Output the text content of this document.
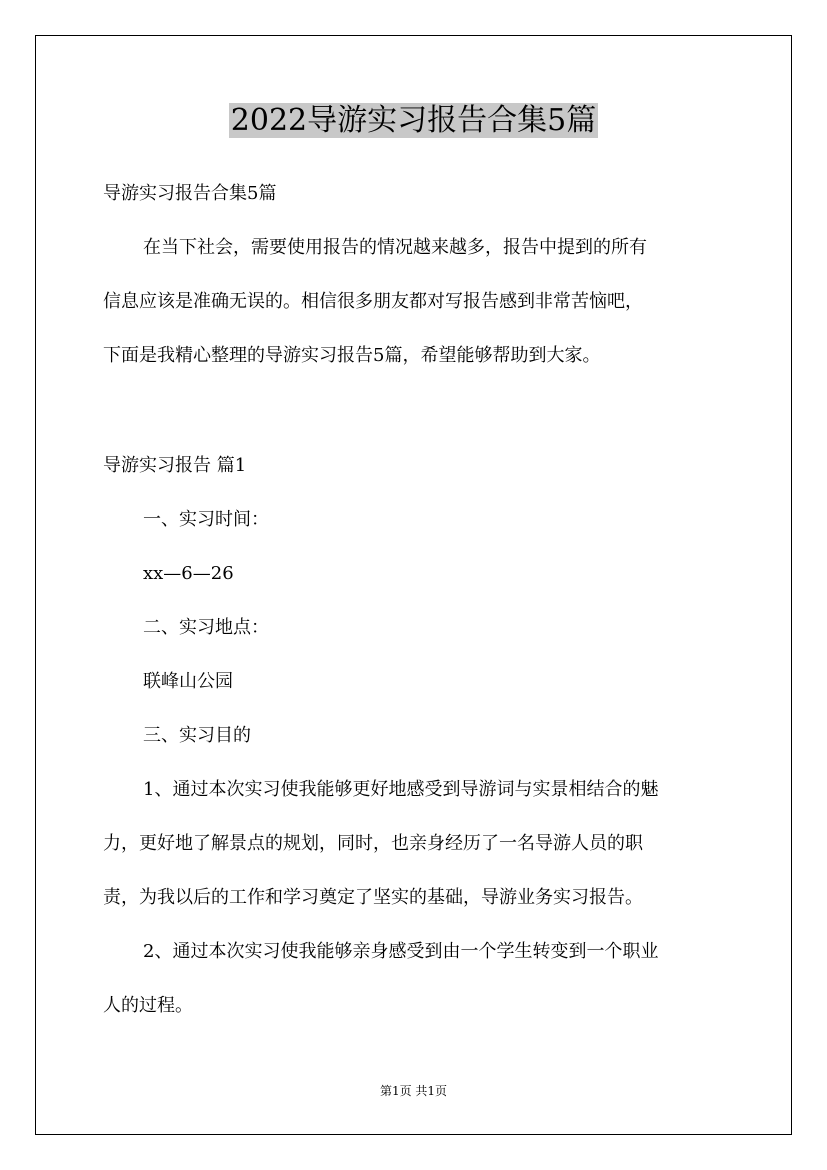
2022导游实习报告合集5篇
导游实习报告合集5篇
在当下社会，需要使用报告的情况越来越多，报告中提到的所有
信息应该是准确无误的。相信很多朋友都对写报告感到非常苦恼吧，
下面是我精心整理的导游实习报告5篇，希望能够帮助到大家。
导游实习报告 篇1
一、实习时间：
xx—6—26
二、实习地点：
联峰山公园
三、实习目的
1、通过本次实习使我能够更好地感受到导游词与实景相结合的魅
力，更好地了解景点的规划，同时，也亲身经历了一名导游人员的职
责，为我以后的工作和学习奠定了坚实的基础，导游业务实习报告。
2、通过本次实习使我能够亲身感受到由一个学生转变到一个职业
人的过程。
第1页 共1页
